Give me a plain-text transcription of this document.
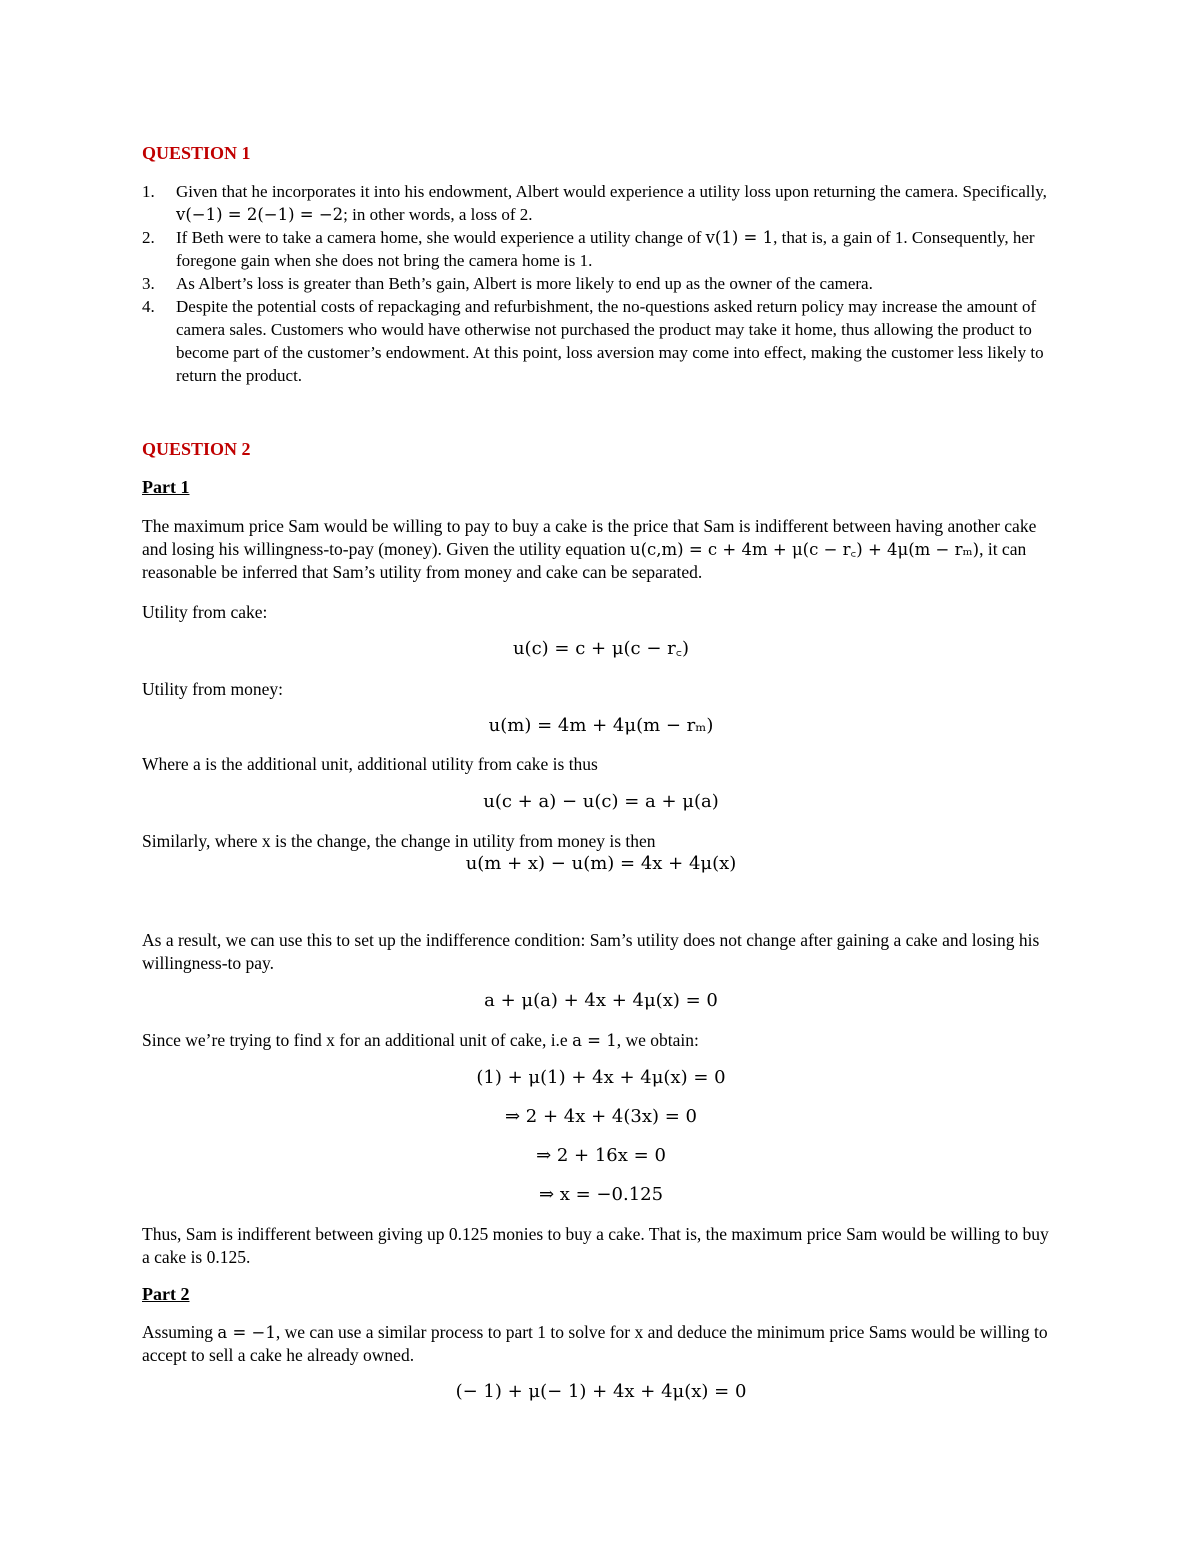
QUESTION 1
1. Given that he incorporates it into his endowment, Albert would experience a utility loss upon returning the camera. Specifically, v(−1) = 2(−1) = −2; in other words, a loss of 2.
2. If Beth were to take a camera home, she would experience a utility change of v(1) = 1, that is, a gain of 1. Consequently, her foregone gain when she does not bring the camera home is 1.
3. As Albert’s loss is greater than Beth’s gain, Albert is more likely to end up as the owner of the camera.
4. Despite the potential costs of repackaging and refurbishment, the no-questions asked return policy may increase the amount of camera sales. Customers who would have otherwise not purchased the product may take it home, thus allowing the product to become part of the customer’s endowment. At this point, loss aversion may come into effect, making the customer less likely to return the product.
QUESTION 2
Part 1
The maximum price Sam would be willing to pay to buy a cake is the price that Sam is indifferent between having another cake and losing his willingness-to-pay (money). Given the utility equation u(c,m) = c + 4m + μ(c − r꜀) + 4μ(m − rₘ), it can reasonable be inferred that Sam’s utility from money and cake can be separated.
Utility from cake:
u(c) = c + μ(c − r꜀)
Utility from money:
u(m) = 4m + 4μ(m − rₘ)
Where a is the additional unit, additional utility from cake is thus
u(c + a) − u(c) = a + μ(a)
Similarly, where x is the change, the change in utility from money is then
u(m + x) − u(m) = 4x + 4μ(x)
As a result, we can use this to set up the indifference condition: Sam’s utility does not change after gaining a cake and losing his willingness-to pay.
a + μ(a) + 4x + 4μ(x) = 0
Since we’re trying to find x for an additional unit of cake, i.e a = 1, we obtain:
(1) + μ(1) + 4x + 4μ(x) = 0
⇒ 2 + 4x + 4(3x) = 0
⇒ 2 + 16x = 0
⇒ x = −0.125
Thus, Sam is indifferent between giving up 0.125 monies to buy a cake. That is, the maximum price Sam would be willing to buy a cake is 0.125.
Part 2
Assuming a = −1, we can use a similar process to part 1 to solve for x and deduce the minimum price Sams would be willing to accept to sell a cake he already owned.
(− 1) + μ(− 1) + 4x + 4μ(x) = 0
